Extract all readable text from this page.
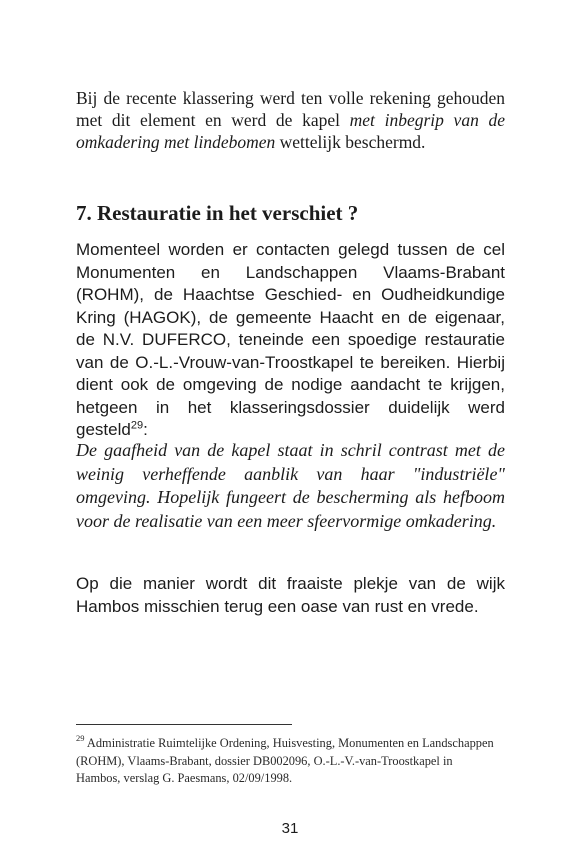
Bij de recente klassering werd ten volle rekening gehouden met dit element en werd de kapel met inbegrip van de omkadering met lindebomen wettelijk beschermd.

7. Restauratie in het verschiet ?

Momenteel worden er contacten gelegd tussen de cel Monumenten en Landschappen Vlaams-Brabant (ROHM), de Haachtse Geschied- en Oudheidkundige Kring (HAGOK), de gemeente Haacht en de eigenaar, de N.V. DUFERCO, teneinde een spoedige restauratie van de O.-L.-Vrouw-van-Troostkapel te bereiken. Hierbij dient ook de omgeving de nodige aandacht te krijgen, hetgeen in het klasseringsdossier duidelijk werd gesteld$^{29}$:

De gaafheid van de kapel staat in schril contrast met de weinig verheffende aanblik van haar "industriële" omgeving. Hopelijk fungeert de bescherming als hefboom voor de realisatie van een meer sfeervormige omkadering.

Op die manier wordt dit fraaiste plekje van de wijk Hambos misschien terug een oase van rust en vrede.

$^{29}$ Administratie Ruimtelijke Ordening, Huisvesting, Monumenten en Landschappen (ROHM), Vlaams-Brabant, dossier DB002096, O.-L.-V.-van-Troostkapel in Hambos, verslag G. Paesmans, 02/09/1998.

31
